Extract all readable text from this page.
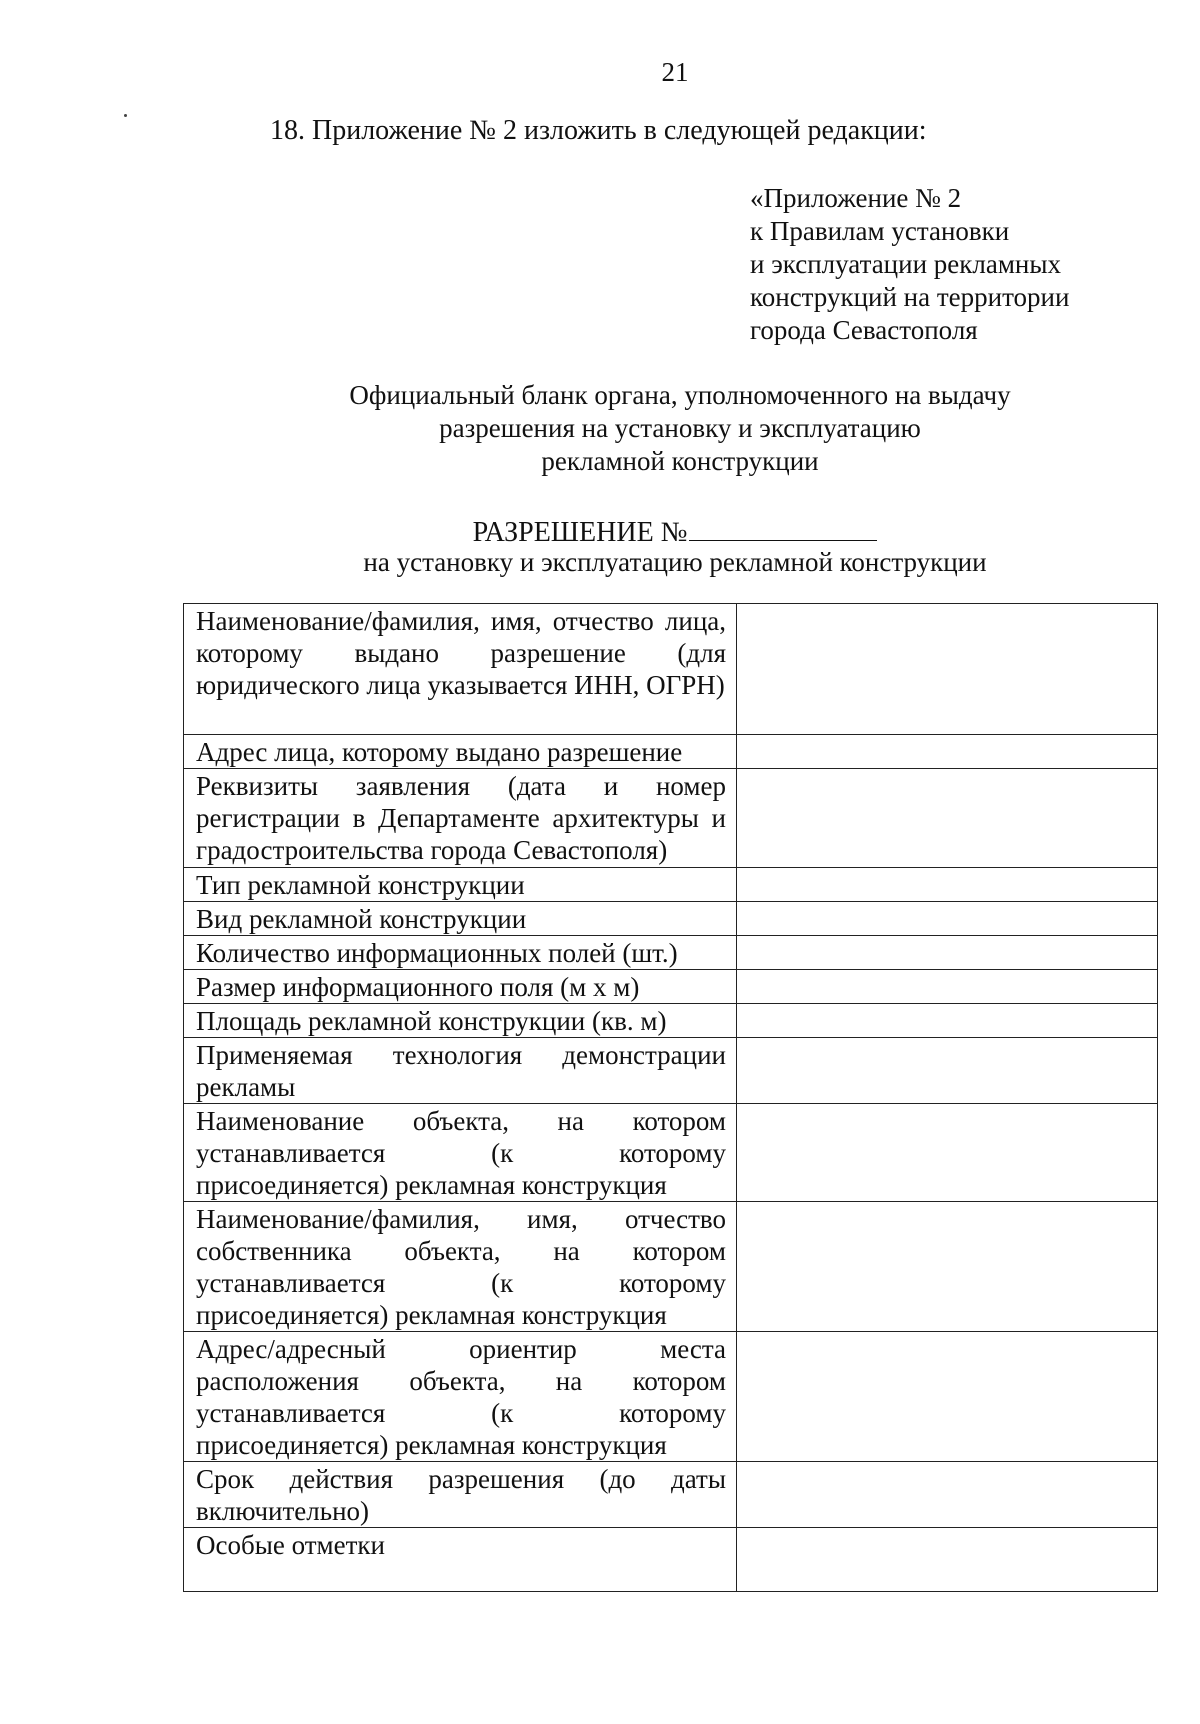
21
18. Приложение № 2 изложить в следующей редакции:
«Приложение № 2
к Правилам установки
и эксплуатации рекламных
конструкций на территории
города Севастополя
Официальный бланк органа, уполномоченного на выдачу
разрешения на установку и эксплуатацию
рекламной конструкции
РАЗРЕШЕНИЕ №
на установку и эксплуатацию рекламной конструкции
Наименование/фамилия, имя, отчество лица, которому выдано разрешение (для юридического лица указывается ИНН, ОГРН)	
Адрес лица, которому выдано разрешение	
Реквизиты заявления (дата и номер регистрации в Департаменте архитектуры и градостроительства города Севастополя)	
Тип рекламной конструкции	
Вид рекламной конструкции	
Количество информационных полей (шт.)	
Размер информационного поля (м х м)	
Площадь рекламной конструкции (кв. м)	
Применяемая технология демонстрации рекламы	
Наименование объекта, на котором устанавливается (к которому присоединяется) рекламная конструкция	
Наименование/фамилия, имя, отчество собственника объекта, на котором устанавливается (к которому присоединяется) рекламная конструкция	
Адрес/адресный ориентир места расположения объекта, на котором устанавливается (к которому присоединяется) рекламная конструкция	
Срок действия разрешения (до даты включительно)	
Особые отметки	
